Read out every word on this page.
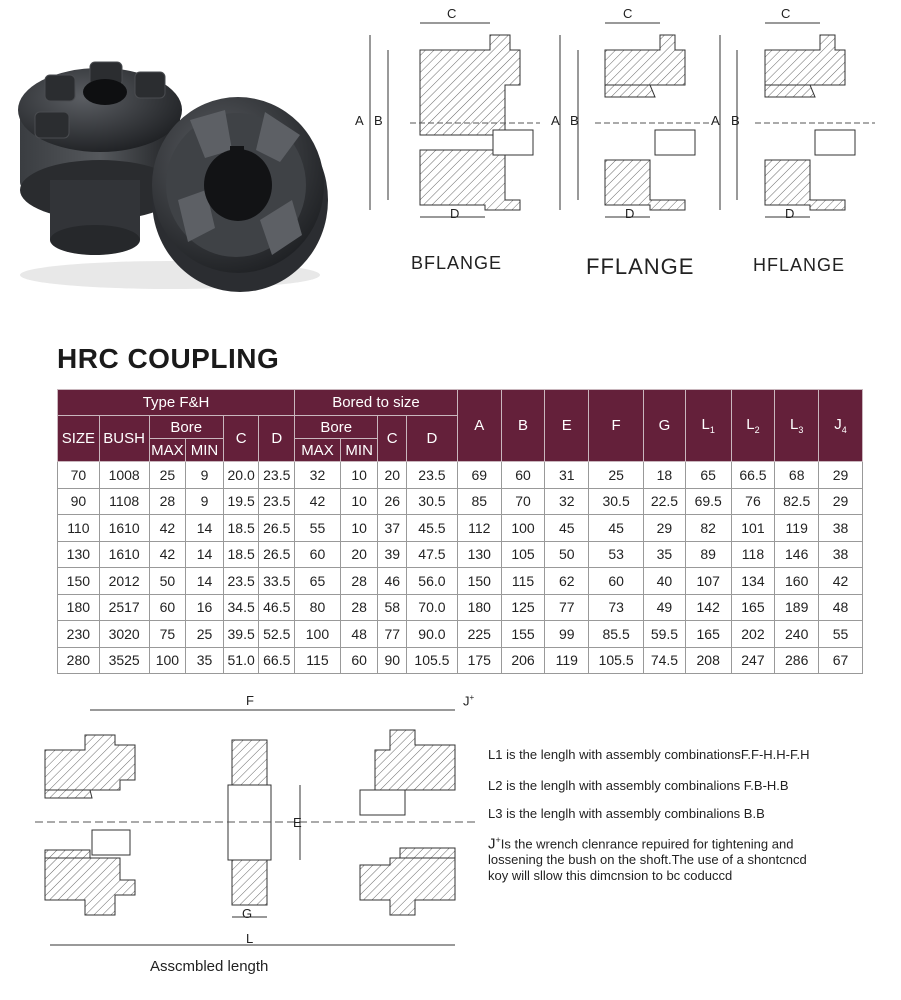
C
A B
D
C
A B
D
C
A B
D
BFLANGE	FFLANGE	HFLANGE
HRC COUPLING
Type F&H						Bored to size				A	B	E	F	G	$L_1$	$L_2$	$L_3$	$J_4$
SIZE	BUSH	Bore		C	D	Bore		C	D									
		MAX	MIN			MAX	MIN											
70	1008	25	9	20.0	23.5	32	10	20	23.5	69	60	31	25	18	65	66.5	68	29
90	1108	28	9	19.5	23.5	42	10	26	30.5	85	70	32	30.5	22.5	69.5	76	82.5	29
110	1610	42	14	18.5	26.5	55	10	37	45.5	112	100	45	45	29	82	101	119	38
130	1610	42	14	18.5	26.5	60	20	39	47.5	130	105	50	53	35	89	118	146	38
150	2012	50	14	23.5	33.5	65	28	46	56.0	150	115	62	60	40	107	134	160	42
180	2517	60	16	34.5	46.5	80	28	58	70.0	180	125	77	73	49	142	165	189	48
230	3020	75	25	39.5	52.5	100	48	77	90.0	225	155	99	85.5	59.5	165	202	240	55
280	3525	100	35	51.0	66.5	115	60	90	105.5	175	206	119	105.5	74.5	208	247	286	67
F	J+
E
G
L
Asscmbled length
L1 is the lenglh with assembly combinationsF.F-H.H-F.H
L2 is the lenglh with assembly combinalions F.B-H.B
L3 is the lenglh with assembly combinalions B.B
J+Is the wrench clenrance repuired for tightening and
lossening the bush on the shoft.The use of a shontcncd
koy will sllow this dimcnsion to bc coduccd
